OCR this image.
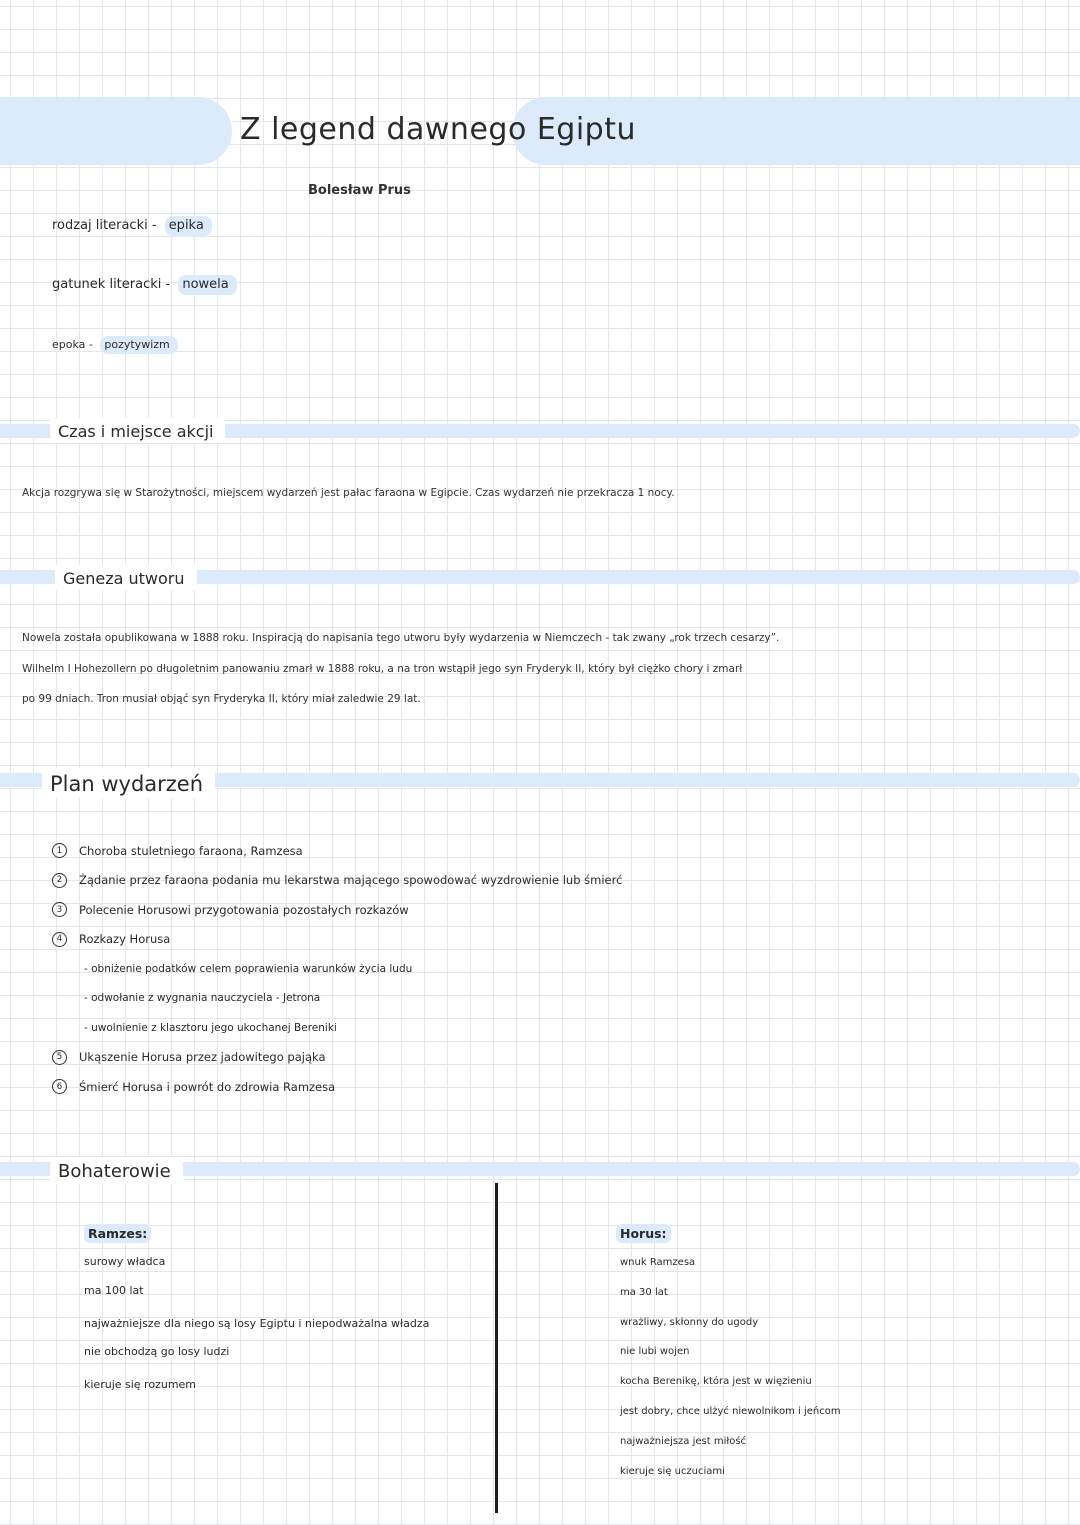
Z legend dawnego Egiptu
Bolesław Prus
rodzaj literacki - epika
gatunek literacki - nowela
epoka - pozytywizm
Czas i miejsce akcji
Akcja rozgrywa się w Starożytności, miejscem wydarzeń jest pałac faraona w Egipcie. Czas wydarzeń nie przekracza 1 nocy.
Geneza utworu
Nowela została opublikowana w 1888 roku. Inspiracją do napisania tego utworu były wydarzenia w Niemczech - tak zwany „rok trzech cesarzy”.
Wilhelm I Hohezollern po długoletnim panowaniu zmarł w 1888 roku, a na tron wstąpił jego syn Fryderyk II, który był ciężko chory i zmarł
po 99 dniach. Tron musiał objąć syn Fryderyka II, który miał zaledwie 29 lat.
Plan wydarzeń
1	Choroba stuletniego faraona, Ramzesa
2	Żądanie przez faraona podania mu lekarstwa mającego spowodować wyzdrowienie lub śmierć
3	Polecenie Horusowi przygotowania pozostałych rozkazów
4	Rozkazy Horusa
- obniżenie podatków celem poprawienia warunków życia ludu
- odwołanie z wygnania nauczyciela - Jetrona
- uwolnienie z klasztoru jego ukochanej Bereniki
5	Ukąszenie Horusa przez jadowitego pająka
6	Śmierć Horusa i powrót do zdrowia Ramzesa
Bohaterowie
Ramzes:
surowy władca
ma 100 lat
najważniejsze dla niego są losy Egiptu i niepodważalna władza
nie obchodzą go losy ludzi
kieruje się rozumem
Horus:
wnuk Ramzesa
ma 30 lat
wrażliwy, skłonny do ugody
nie lubi wojen
kocha Berenikę, która jest w więzieniu
jest dobry, chce ulżyć niewolnikom i jeńcom
najważniejsza jest miłość
kieruje się uczuciami
